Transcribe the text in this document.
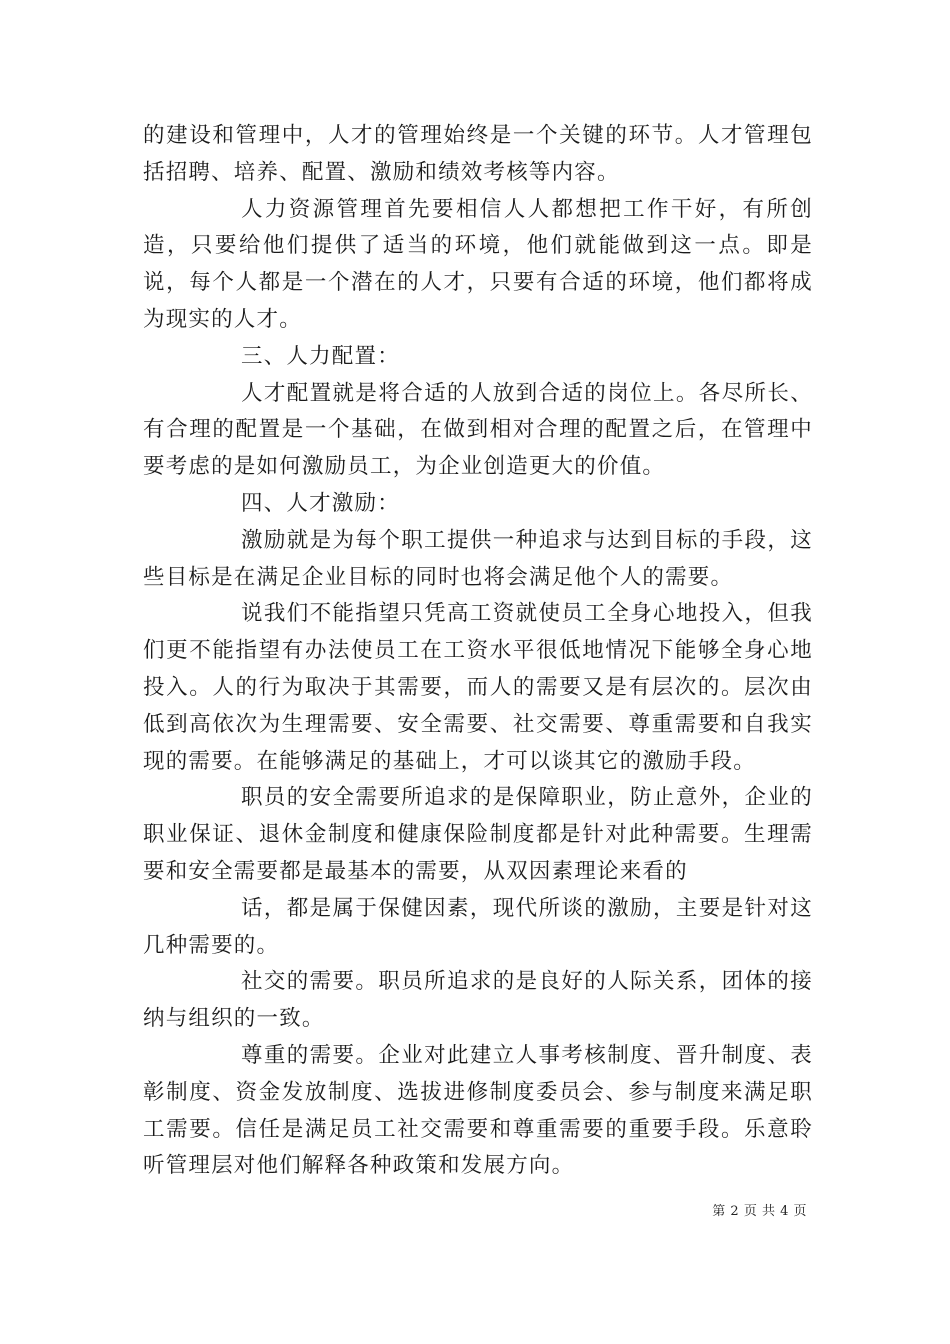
的建设和管理中，人才的管理始终是一个关键的环节。人才管理包括招聘、培养、配置、激励和绩效考核等内容。

人力资源管理首先要相信人人都想把工作干好，有所创造，只要给他们提供了适当的环境，他们就能做到这一点。即是说，每个人都是一个潜在的人才，只要有合适的环境，他们都将成为现实的人才。

三、人力配置：

人才配置就是将合适的人放到合适的岗位上。各尽所长、有合理的配置是一个基础，在做到相对合理的配置之后，在管理中要考虑的是如何激励员工，为企业创造更大的价值。

四、人才激励：

激励就是为每个职工提供一种追求与达到目标的手段，这些目标是在满足企业目标的同时也将会满足他个人的需要。

说我们不能指望只凭高工资就使员工全身心地投入，但我们更不能指望有办法使员工在工资水平很低地情况下能够全身心地投入。人的行为取决于其需要，而人的需要又是有层次的。层次由低到高依次为生理需要、安全需要、社交需要、尊重需要和自我实现的需要。在能够满足的基础上，才可以谈其它的激励手段。

职员的安全需要所追求的是保障职业，防止意外，企业的职业保证、退休金制度和健康保险制度都是针对此种需要。生理需要和安全需要都是最基本的需要，从双因素理论来看的

话，都是属于保健因素，现代所谈的激励，主要是针对这几种需要的。

社交的需要。职员所追求的是良好的人际关系，团体的接纳与组织的一致。

尊重的需要。企业对此建立人事考核制度、晋升制度、表彰制度、资金发放制度、选拔进修制度委员会、参与制度来满足职工需要。信任是满足员工社交需要和尊重需要的重要手段。乐意聆听管理层对他们解释各种政策和发展方向。

第 2 页 共 4 页
